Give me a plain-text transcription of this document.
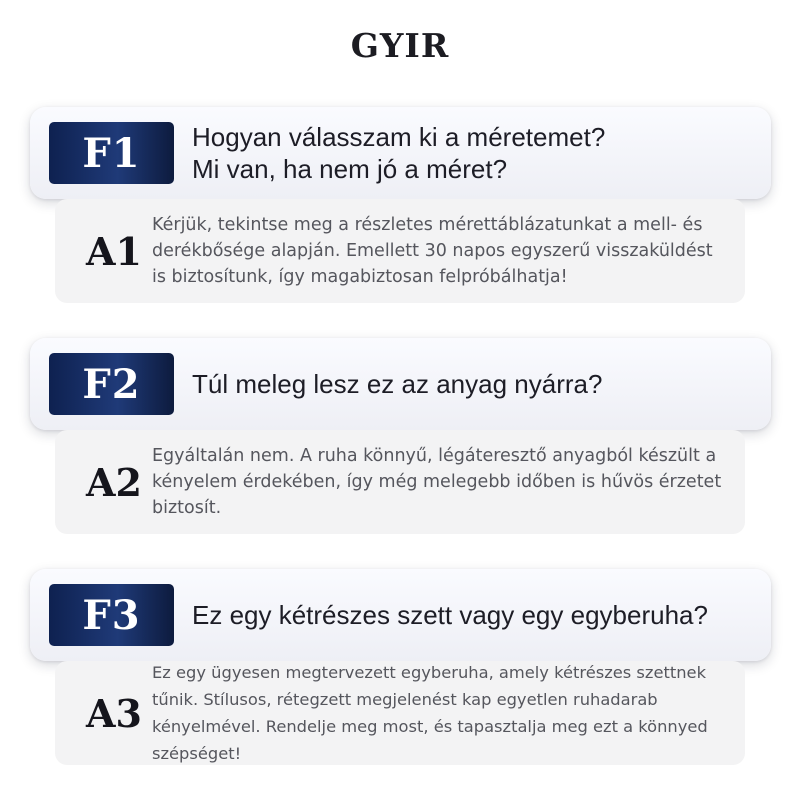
GYIR
F1	Hogyan válasszam ki a méretemet?
Mi van, ha nem jó a méret?
A1
Kérjük, tekintse meg a részletes mérettáblázatunkat a mell- és derékbősége alapján. Emellett 30 napos egyszerű visszaküldést is biztosítunk, így magabiztosan felpróbálhatja!
F2	Túl meleg lesz ez az anyag nyárra?
A2
Egyáltalán nem. A ruha könnyű, légáteresztő anyagból készült a kényelem érdekében, így még melegebb időben is hűvös érzetet biztosít.
F3	Ez egy kétrészes szett vagy egy egyberuha?
A3
Ez egy ügyesen megtervezett egyberuha, amely kétrészes szettnek tűnik. Stílusos, rétegzett megjelenést kap egyetlen ruhadarab kényelmével. Rendelje meg most, és tapasztalja meg ezt a könnyed szépséget!
